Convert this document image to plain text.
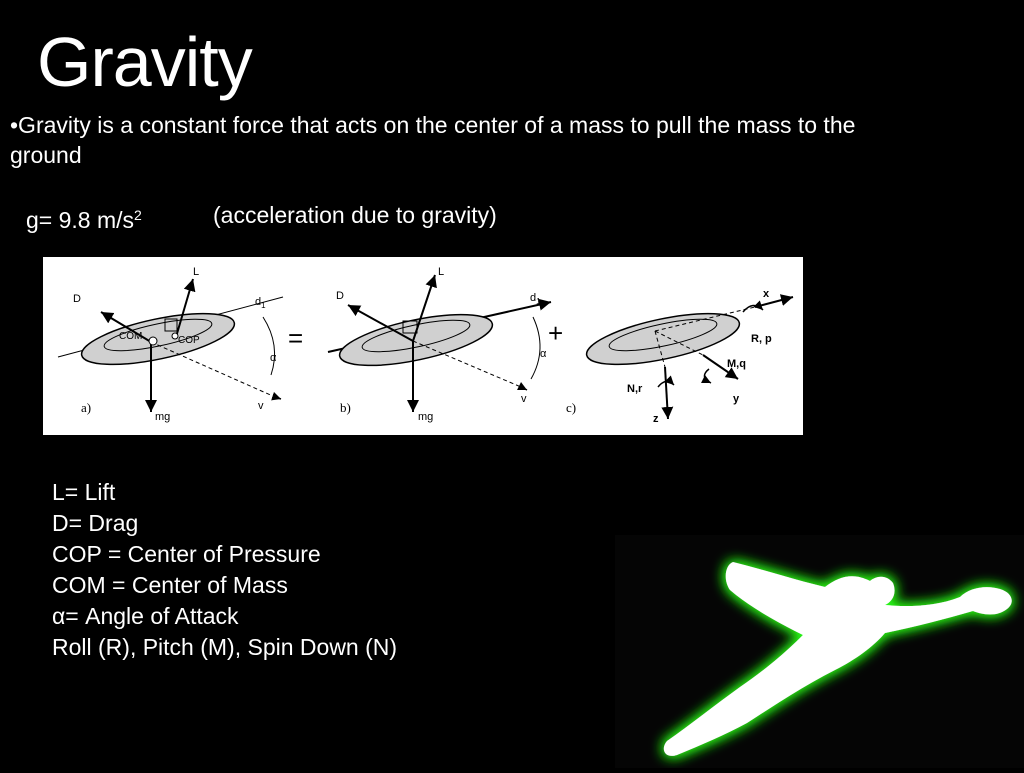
Gravity
•Gravity is a constant force that acts on the center of a mass to pull the mass to the ground
g= 9.8 $m/s^2$	(acceleration due to gravity)
L
D	$d_1$
COM	COP
α
v
mg
a)
=
L
D	$d_1$
α
v
mg
b)
+
x
R, p
M,q
N,r
y
z
c)
L= Lift
D= Drag
COP = Center of Pressure
COM = Center of Mass
α= Angle of Attack
Roll (R), Pitch (M), Spin Down (N)
